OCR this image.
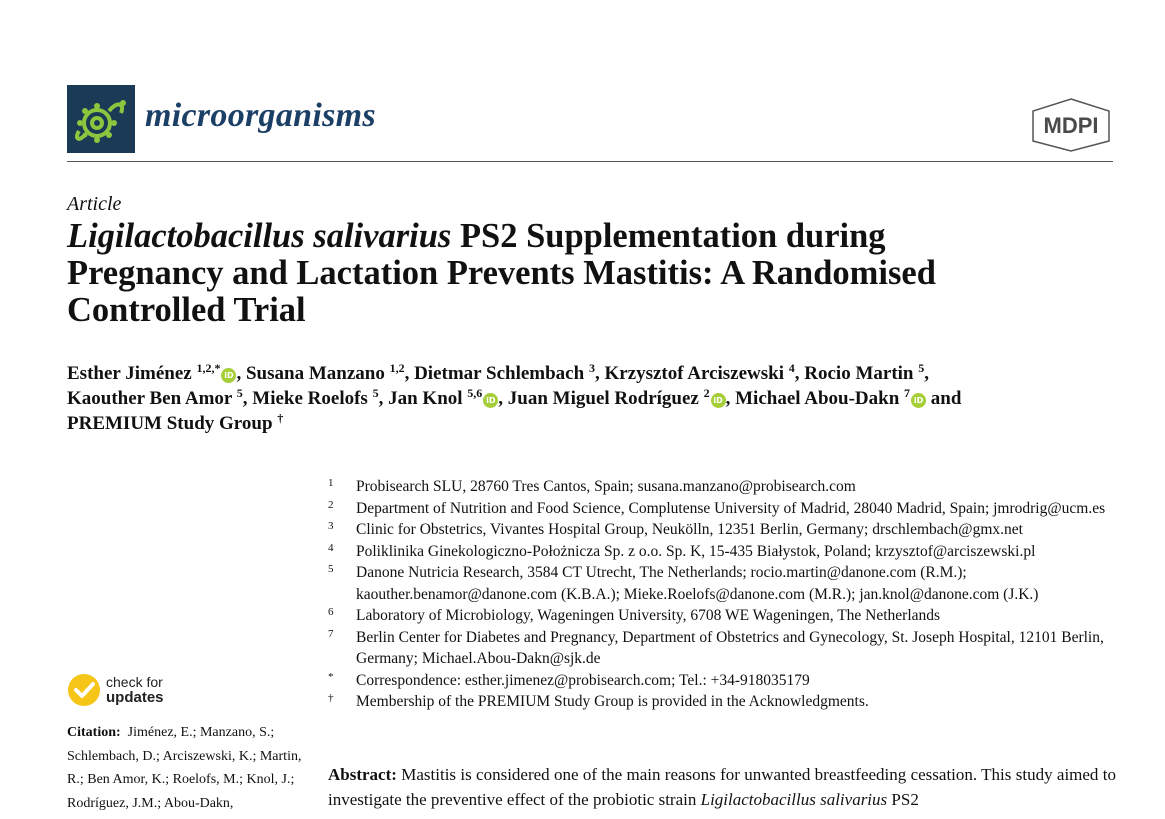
microorganisms	MDPI
Article
Ligilactobacillus salivarius PS2 Supplementation during
Pregnancy and Lactation Prevents Mastitis: A Randomised
Controlled Trial
Esther Jiménez $^{1,2,*}$iD , Susana Manzano $^{1,2}$, Dietmar Schlembach $^3$, Krzysztof Arciszewski $^4$, Rocio Martin $^5$,
Kaouther Ben Amor $^5$, Mieke Roelofs $^5$, Jan Knol $^{5,6}$iD , Juan Miguel Rodríguez $^2$iD , Michael Abou-Dakn $^7$iD and
PREMIUM Study Group †
1	Probisearch SLU, 28760 Tres Cantos, Spain; susana.manzano@probisearch.com
2	Department of Nutrition and Food Science, Complutense University of Madrid, 28040 Madrid, Spain; jmrodrig@ucm.es
3	Clinic for Obstetrics, Vivantes Hospital Group, Neukölln, 12351 Berlin, Germany; drschlembach@gmx.net
4	Poliklinika Ginekologiczno-Położnicza Sp. z o.o. Sp. K, 15-435 Białystok, Poland; krzysztof@arciszewski.pl
5	Danone Nutricia Research, 3584 CT Utrecht, The Netherlands; rocio.martin@danone.com (R.M.); kaouther.benamor@danone.com (K.B.A.); Mieke.Roelofs@danone.com (M.R.); jan.knol@danone.com (J.K.)
6	Laboratory of Microbiology, Wageningen University, 6708 WE Wageningen, The Netherlands
7	Berlin Center for Diabetes and Pregnancy, Department of Obstetrics and Gynecology, St. Joseph Hospital, 12101 Berlin, Germany; Michael.Abou-Dakn@sjk.de
*	Correspondence: esther.jimenez@probisearch.com; Tel.: +34-918035179
†	Membership of the PREMIUM Study Group is provided in the Acknowledgments.
check for
updates
Citation: Jiménez, E.; Manzano, S.; Schlembach, D.; Arciszewski, K.; Martin, R.; Ben Amor, K.; Roelofs, M.; Knol, J.; Rodríguez, J.M.; Abou-Dakn,
Abstract: Mastitis is considered one of the main reasons for unwanted breastfeeding cessation. This study aimed to investigate the preventive effect of the probiotic strain Ligilactobacillus salivarius PS2
